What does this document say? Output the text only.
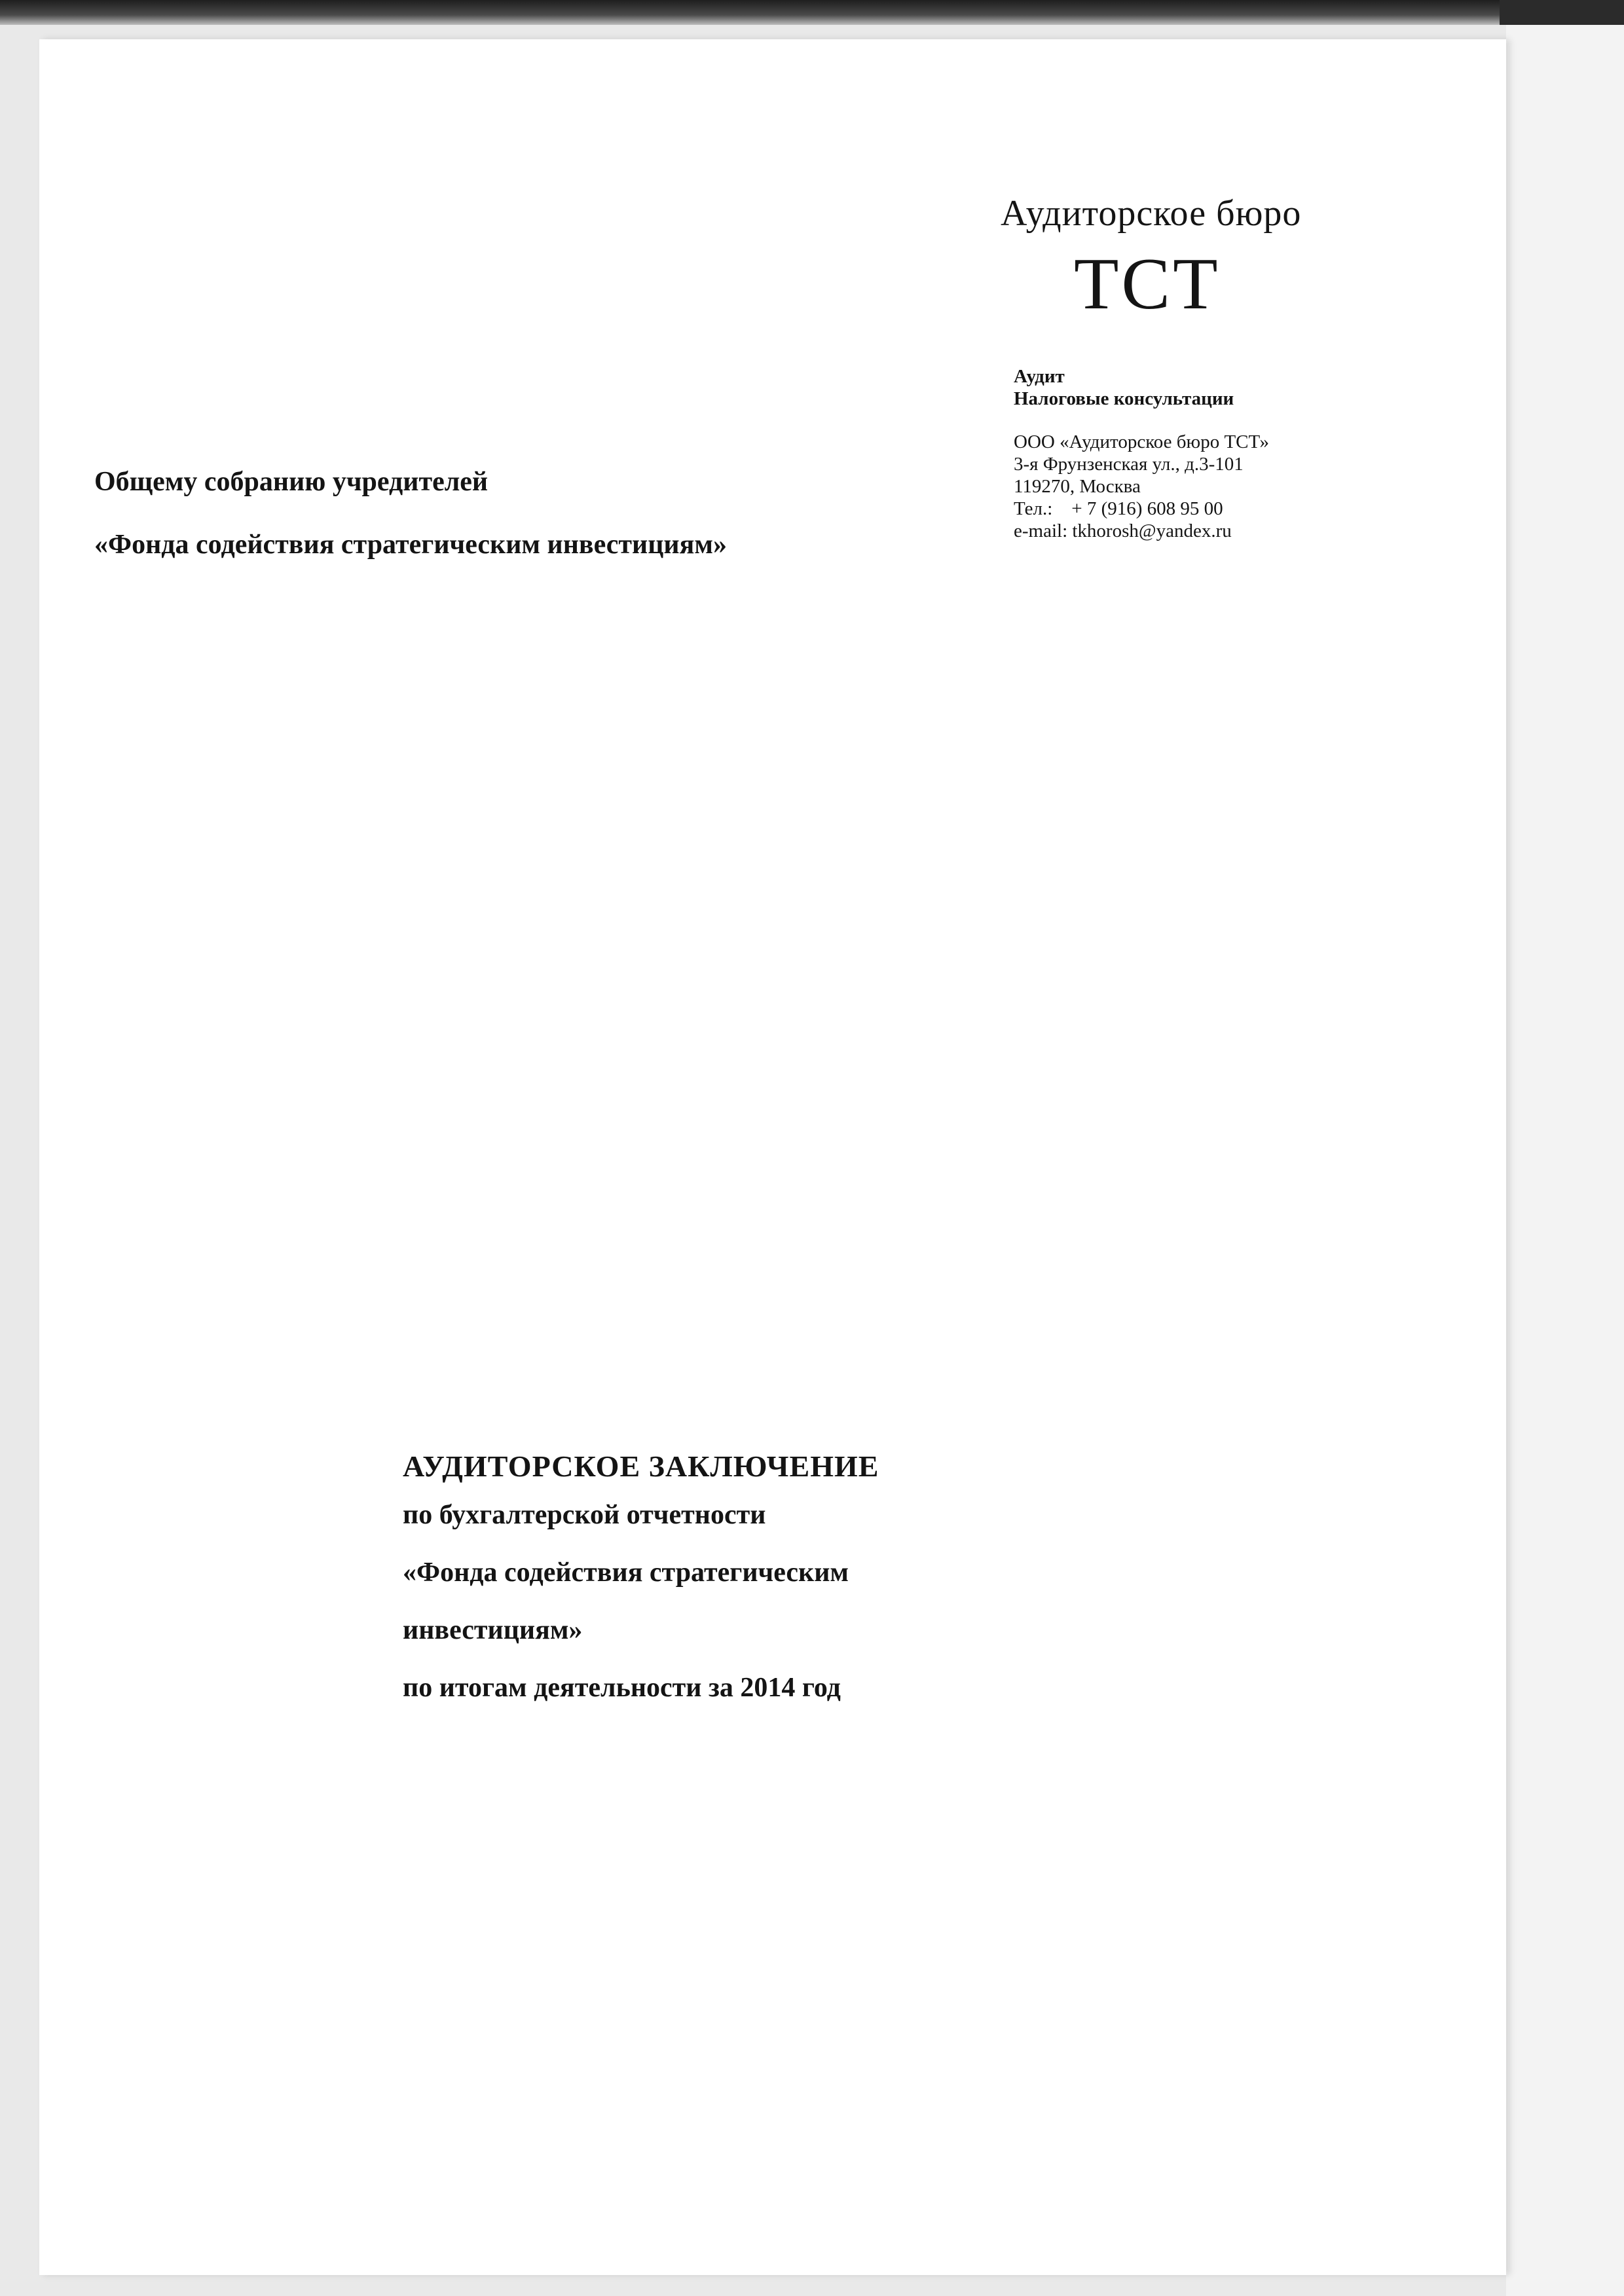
Аудиторское бюро
ТСТ
Аудит
Налоговые консультации
ООО «Аудиторское бюро ТСТ»
3-я Фрунзенская ул., д.3-101
119270, Москва
Тел.:    + 7 (916) 608 95 00
e-mail: tkhorosh@yandex.ru
Общему собранию учредителей
«Фонда содействия стратегическим инвестициям»
АУДИТОРСКОЕ ЗАКЛЮЧЕНИЕ
по бухгалтерской отчетности
«Фонда содействия стратегическим
инвестициям»
по итогам деятельности за 2014 год
